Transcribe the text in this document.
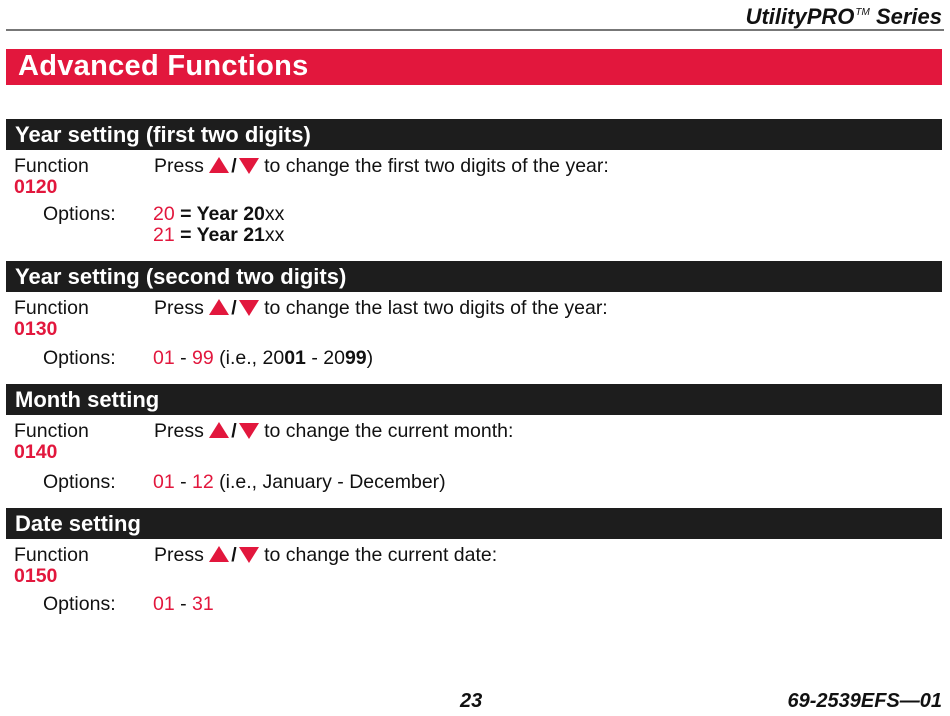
UtilityPRO™ Series
Advanced Functions
Year setting (first two digits)
Function
0120
Press / to change the first two digits of the year:
Options: 20 = Year 20xx
21 = Year 21xx
Year setting (second two digits)
Function
0130
Press / to change the last two digits of the year:
Options: 01 - 99 (i.e., 2001 - 2099)
Month setting
Function
0140
Press / to change the current month:
Options: 01 - 12 (i.e., January - December)
Date setting
Function
0150
Press / to change the current date:
Options: 01 - 31
23	69-2539EFS—01
